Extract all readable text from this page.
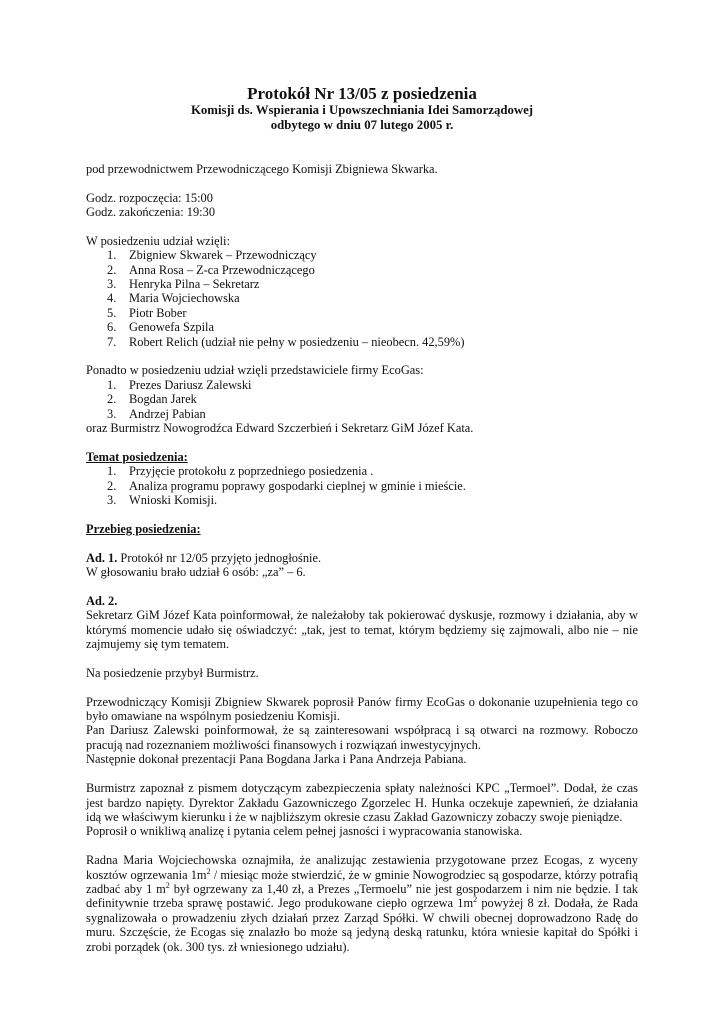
Protokół Nr 13/05 z posiedzenia

Komisji ds. Wspierania i Upowszechniania Idei Samorządowej

odbytego w dniu 07 lutego 2005 r.

pod przewodnictwem Przewodniczącego Komisji Zbigniewa Skwarka.

Godz. rozpoczęcia: 15:00

Godz. zakończenia: 19:30

W posiedzeniu udział wzięli:

1.	Zbigniew Skwarek – Przewodniczący
2.	Anna Rosa – Z-ca Przewodniczącego
3.	Henryka Pilna – Sekretarz
4.	Maria Wojciechowska
5.	Piotr Bober
6.	Genowefa Szpila
7.	Robert Relich (udział nie pełny w posiedzeniu – nieobecn. 42,59%)

Ponadto w posiedzeniu udział wzięli przedstawiciele firmy EcoGas:

1.	Prezes Dariusz Zalewski
2.	Bogdan Jarek
3.	Andrzej Pabian

oraz Burmistrz Nowogrodźca Edward Szczerbień i Sekretarz GiM Józef Kata.

Temat posiedzenia:

1.	Przyjęcie protokołu z poprzedniego posiedzenia .
2.	Analiza programu poprawy gospodarki cieplnej w gminie i mieście.
3.	Wnioski Komisji.

Przebieg posiedzenia:

Ad. 1. Protokół nr 12/05 przyjęto jednogłośnie.

W głosowaniu brało udział 6 osób: „za” – 6.

Ad. 2.

Sekretarz GiM Józef Kata poinformował, że należałoby tak pokierować dyskusje, rozmowy i działania, aby w którymś momencie udało się oświadczyć: „tak, jest to temat, którym będziemy się zajmowali, albo nie – nie zajmujemy się tym tematem.

Na posiedzenie przybył Burmistrz.

Przewodniczący Komisji Zbigniew Skwarek poprosił Panów firmy EcoGas o dokonanie uzupełnienia tego co było omawiane na wspólnym posiedzeniu Komisji.

Pan Dariusz Zalewski poinformował, że są zainteresowani współpracą i są otwarci na rozmowy. Roboczo pracują nad rozeznaniem możliwości finansowych i rozwiązań inwestycyjnych.

Następnie dokonał prezentacji Pana Bogdana Jarka i Pana Andrzeja Pabiana.

Burmistrz zapoznał z pismem dotyczącym zabezpieczenia spłaty należności KPC „Termoel”. Dodał, że czas jest bardzo napięty. Dyrektor Zakładu Gazowniczego Zgorzelec H. Hunka oczekuje zapewnień, że działania idą we właściwym kierunku i że w najbliższym okresie czasu Zakład Gazowniczy zobaczy swoje pieniądze.

Poprosił o wnikliwą analizę i pytania celem pełnej jasności i wypracowania stanowiska.

Radna Maria Wojciechowska oznajmiła, że analizując zestawienia przygotowane przez Ecogas, z wyceny kosztów ogrzewania $1m^2$ / miesiąc może stwierdzić, że w gminie Nowogrodziec są gospodarze, którzy potrafią zadbać aby 1 $m^2$ był ogrzewany za 1,40 zł, a Prezes „Termoelu” nie jest gospodarzem i nim nie będzie. I tak definitywnie trzeba sprawę postawić. Jego produkowane ciepło ogrzewa $1m^2$ powyżej 8 zł. Dodała, że Rada sygnalizowała o prowadzeniu złych działań przez Zarząd Spółki. W chwili obecnej doprowadzono Radę do muru. Szczęście, że Ecogas się znalazło bo może są jedyną deską ratunku, która wniesie kapitał do Spółki i zrobi porządek (ok. 300 tys. zł wniesionego udziału).
